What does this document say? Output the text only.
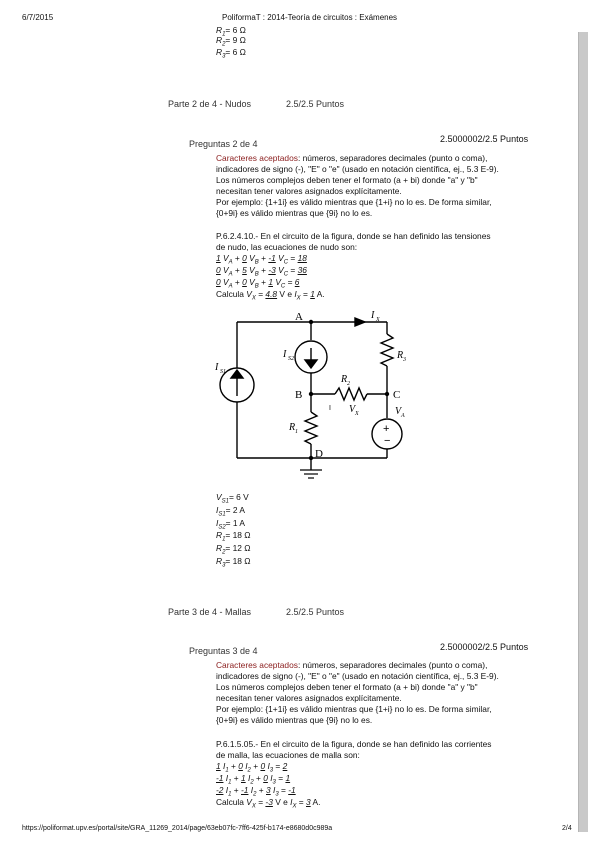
6/7/2015	PoliformaT : 2014-Teoría de circuitos : Exámenes
https://poliformat.upv.es/portal/site/GRA_11269_2014/page/63eb07fc-7ff6-425f-b174-e8680d0c989a	2/4
$R_1= 6$ Ω
$R_2= 9$ Ω
$R_3= 6$ Ω
Parte 2 de 4 - Nudos	2.5/2.5 Puntos
Preguntas 2 de 4	2.5000002/2.5 Puntos
Caracteres aceptados: números, separadores decimales (punto o coma),
indicadores de signo (-), "E" o "e" (usado en notación científica, ej., 5.3 E-9).
Los números complejos deben tener el formato (a + bi) donde "a" y "b"
necesitan tener valores asignados explícitamente.
Por ejemplo: {1+1i} es válido mientras que {1+i} no lo es. De forma similar,
{0+9i} es válido mientras que {9i} no lo es.
P.6.2.4.10.- En el circuito de la figura, donde se han definido las tensiones
de nudo, las ecuaciones de nudo son:
1 $V_A + 0$ $V_B + -1$ $V_C = 18$
0 $V_A + 5$ $V_B + -3$ $V_C = 36$
0 $V_A + 0$ $V_B + 1$ $V_C = 6$
Calcula $V_X = 4.8$ V e $I_X = 1$ A.
+
−
A
B	C
D
I S1
I S2
I X
R 1
R 2
R 3
V X	V A
I
$V_{S1}= 6$ V
$I_{S1}= 2$ A
$I_{S2}= 1$ A
$R_1= 18$ Ω
$R_2= 12$ Ω
$R_3= 18$ Ω
Parte 3 de 4 - Mallas	2.5/2.5 Puntos
Preguntas 3 de 4	2.5000002/2.5 Puntos
Caracteres aceptados: números, separadores decimales (punto o coma),
indicadores de signo (-), "E" o "e" (usado en notación científica, ej., 5.3 E-9).
Los números complejos deben tener el formato (a + bi) donde "a" y "b"
necesitan tener valores asignados explícitamente.
Por ejemplo: {1+1i} es válido mientras que {1+i} no lo es. De forma similar,
{0+9i} es válido mientras que {9i} no lo es.
P.6.1.5.05.- En el circuito de la figura, donde se han definido las corrientes
de malla, las ecuaciones de malla son:
1 $I_1 + 0$ $I_2 + 0$ $I_3 = 2$
-1 $I_1 + 1$ $I_2 + 0$ $I_3 = 1$
-2 $I_1 + -1$ $I_2 + 3$ $I_3 = -1$
Calcula $V_X = -3$ V e $I_X = 3$ A.
